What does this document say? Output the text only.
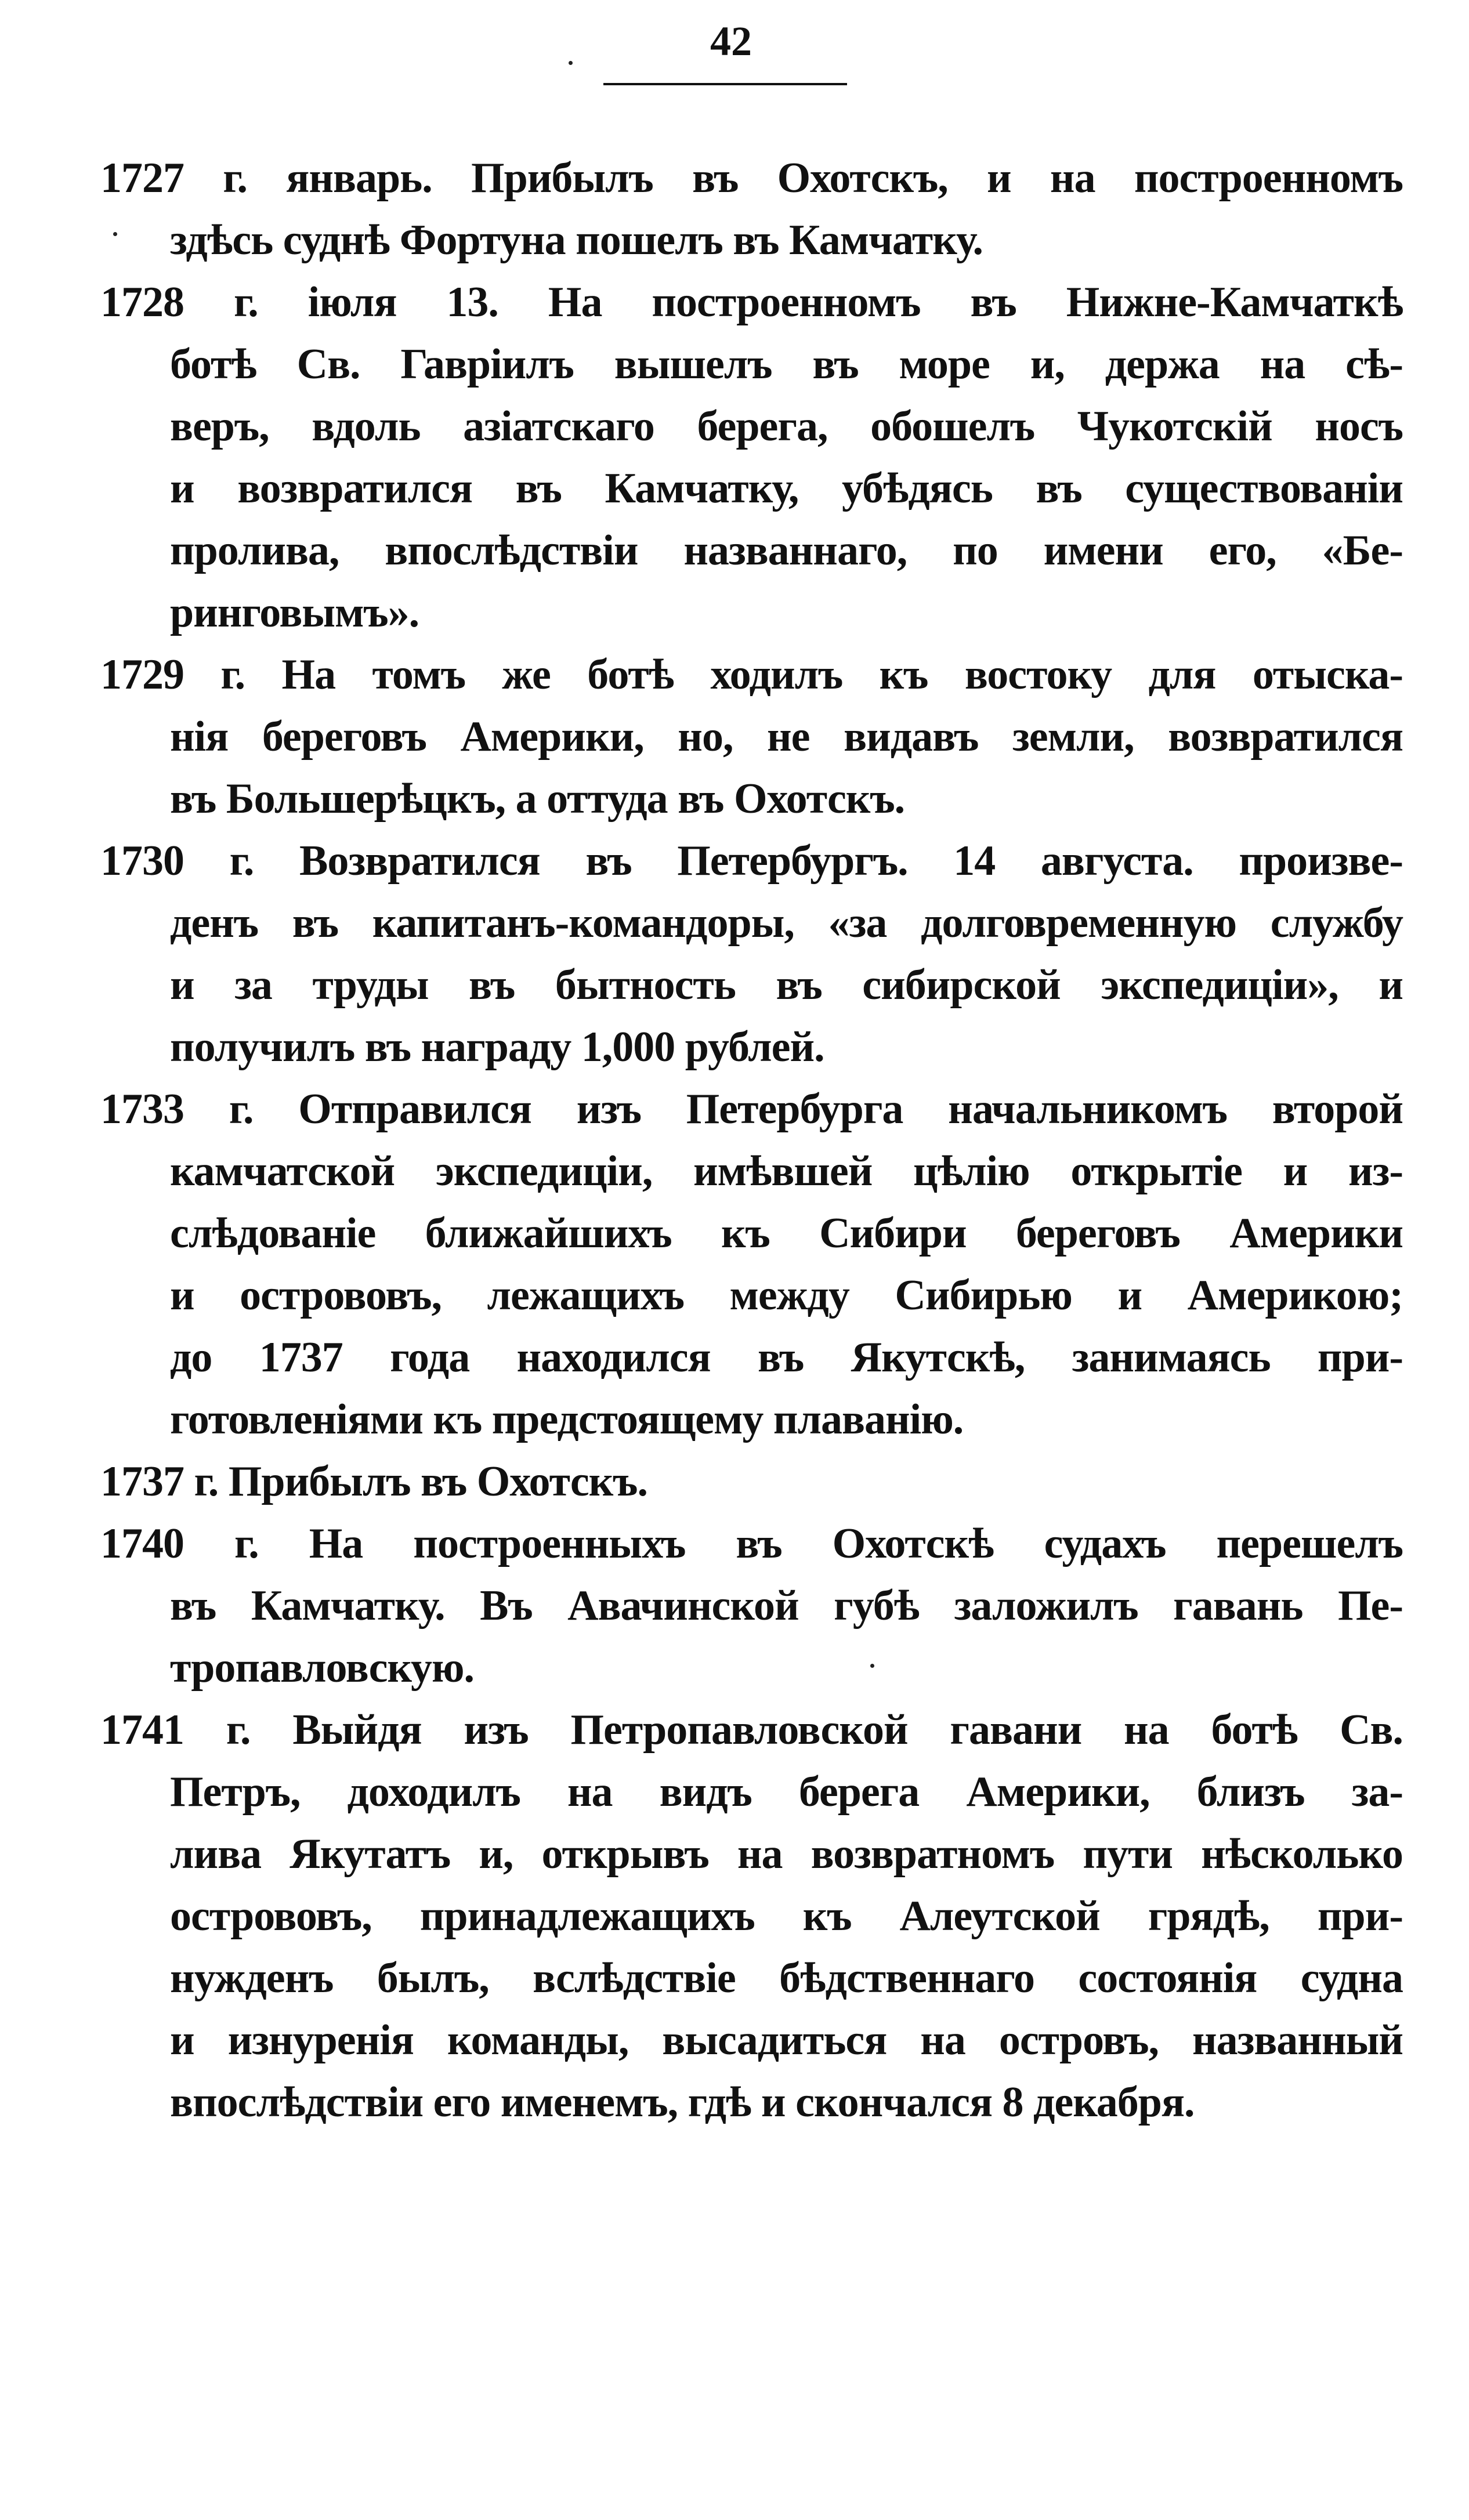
42
1727 г. январь. Прибылъ въ Охотскъ, и на построенномъ
здѣсь суднѣ Фортуна пошелъ въ Камчатку.
1728 г. іюля 13. На построенномъ въ Нижне-Камчаткѣ
ботѣ Св. Гавріилъ вышелъ въ море и, держа на сѣ-
веръ, вдоль азіатскаго берега, обошелъ Чукотскій носъ
и возвратился въ Камчатку, убѣдясь въ существованіи
пролива, впослѣдствіи названнаго, по имени его, «Бе-
ринговымъ».
1729 г. На томъ же ботѣ ходилъ къ востоку для отыска-
нія береговъ Америки, но, не видавъ земли, возвратился
въ Большерѣцкъ, а оттуда въ Охотскъ.
1730 г. Возвратился въ Петербургъ. 14 августа. произве-
денъ въ капитанъ-командоры, «за долговременную службу
и за труды въ бытность въ сибирской экспедиціи», и
получилъ въ награду 1,000 рублей.
1733 г. Отправился изъ Петербурга начальникомъ второй
камчатской экспедиціи, имѣвшей цѣлію открытіе и из-
слѣдованіе ближайшихъ къ Сибири береговъ Америки
и острововъ, лежащихъ между Сибирью и Америкою;
до 1737 года находился въ Якутскѣ, занимаясь при-
готовленіями къ предстоящему плаванію.
1737 г. Прибылъ въ Охотскъ.
1740 г. На построенныхъ въ Охотскѣ судахъ перешелъ
въ Камчатку. Въ Авачинской губѣ заложилъ гавань Пе-
тропавловскую.
1741 г. Выйдя изъ Петропавловской гавани на ботѣ Св.
Петръ, доходилъ на видъ берега Америки, близъ за-
лива Якутатъ и, открывъ на возвратномъ пути нѣсколько
острововъ, принадлежащихъ къ Алеутской грядѣ, при-
нужденъ былъ, вслѣдствіе бѣдственнаго состоянія судна
и изнуренія команды, высадиться на островъ, названный
впослѣдствіи его именемъ, гдѣ и скончался 8 декабря.
